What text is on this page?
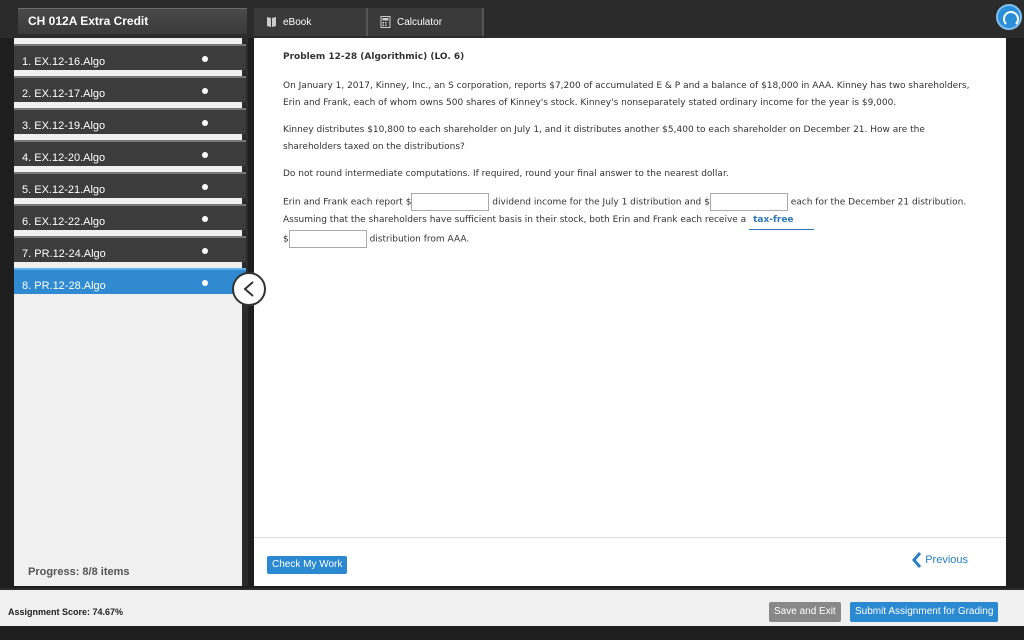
CH 012A Extra Credit	eBook	Calculator
1. EX.12-16.Algo
2. EX.12-17.Algo
3. EX.12-19.Algo
4. EX.12-20.Algo
5. EX.12-21.Algo
6. EX.12-22.Algo
7. PR.12-24.Algo
8. PR.12-28.Algo
Progress: 8/8 items
Problem 12-28 (Algorithmic) (LO. 6)
On January 1, 2017, Kinney, Inc., an S corporation, reports $7,200 of accumulated E & P and a balance of $18,000 in AAA. Kinney has two shareholders, Erin and Frank, each of whom owns 500 shares of Kinney's stock. Kinney's nonseparately stated ordinary income for the year is $9,000.
Kinney distributes $10,800 to each shareholder on July 1, and it distributes another $5,400 to each shareholder on December 21. How are the shareholders taxed on the distributions?
Do not round intermediate computations. If required, round your final answer to the nearest dollar.
Erin and Frank each report $	dividend income for the July 1 distribution and $	each for the December 21 distribution. Assuming that the shareholders have sufficient basis in their stock, both Erin and Frank each receive a tax-free
$	distribution from AAA.
Check My Work	Previous
Assignment Score: 74.67%	Save and Exit	Submit Assignment for Grading
